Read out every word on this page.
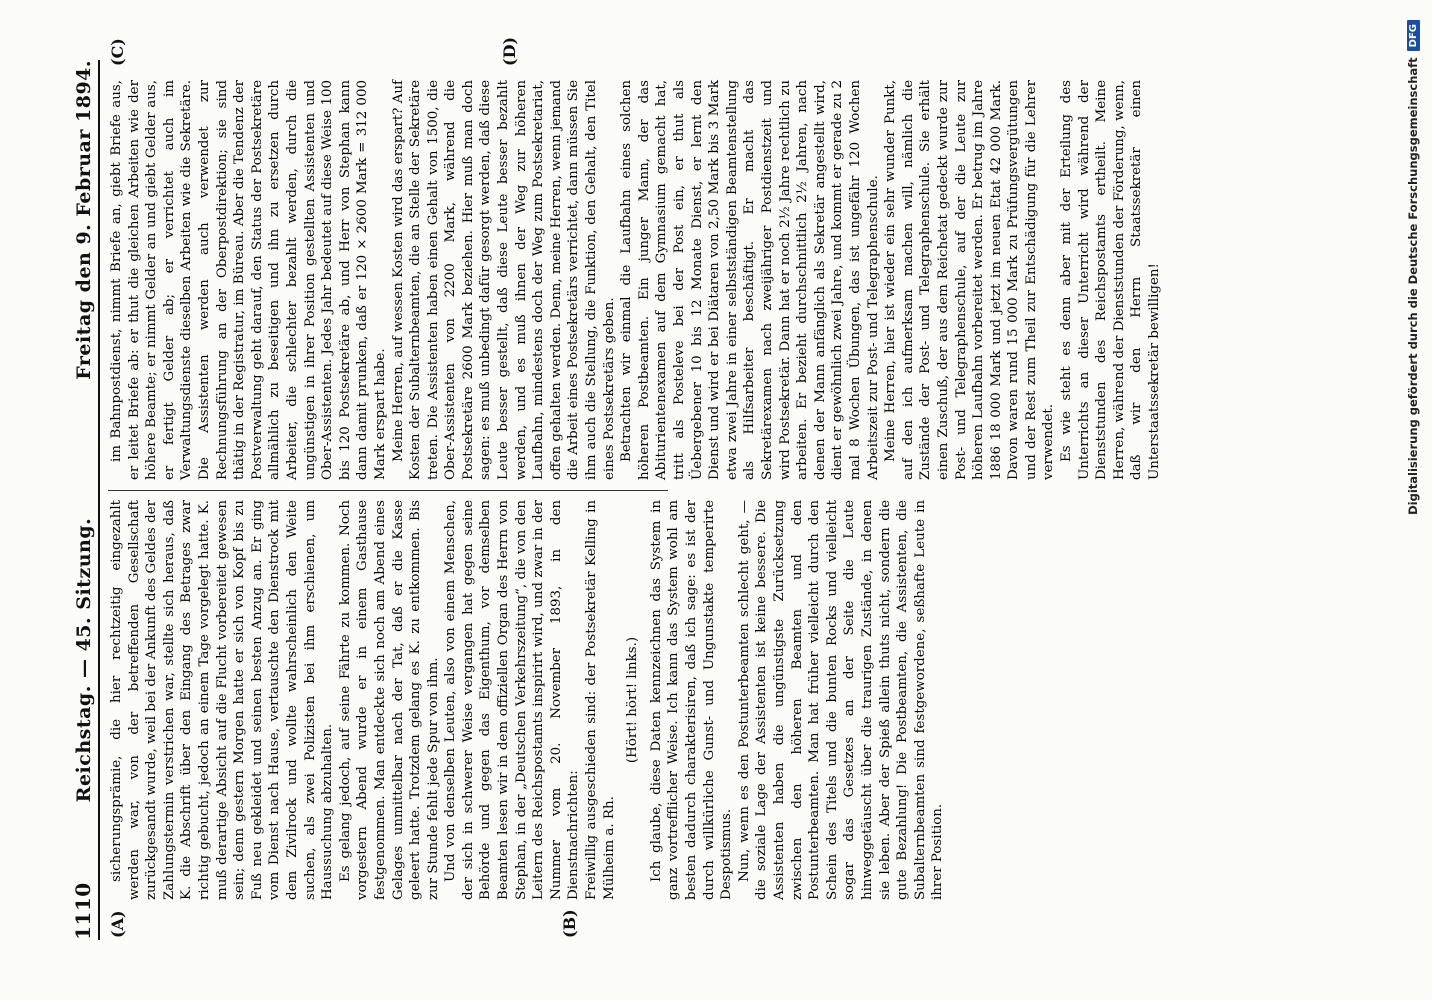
1110
Reichstag. — 45. Sitzung.
Freitag den 9. Februar 1894.
(A)	(B)
(C)	(D)

sicherungsprämie, die hier rechtzeitig eingezahlt werden war, von der betreffenden Gesellschaft zurückgesandt wurde, weil bei der Ankunft des Geldes der Zahlungstermin verstrichen war, stellte sich heraus, daß K. die Abschrift über den Eingang des Betrages zwar richtig gebucht, jedoch an einem Tage vorgelegt hatte. K. muß derartige Absicht auf die Flucht vorbereitet gewesen sein; denn gestern Morgen hatte er sich von Kopf bis zu Fuß neu gekleidet und seinen besten Anzug an. Er ging vom Dienst nach Hause, vertauschte den Dienstrock mit dem Zivilrock und wollte wahrscheinlich den Weite suchen, als zwei Polizisten bei ihm erschienen, um Haussuchung abzuhalten. Es gelang jedoch, auf seine Fährte zu kommen. Noch vorgestern Abend wurde er in einem Gasthause festgenommen. Man entdeckte sich noch am Abend eines Gelages unmittelbar nach der Tat, daß er die Kasse geleert hatte. Trotzdem gelang es K. zu entkommen. Bis zur Stunde fehlt jede Spur von ihm. Und von denselben Leuten, also von einem Menschen, der sich in schwerer Weise vergangen hat gegen seine Behörde und gegen das Eigenthum, vor demselben Beamten lesen wir in dem offiziellen Organ des Herrn von Stephan, in der „Deutschen Verkehrszeitung“, die von den Leitern des Reichspostamts inspirirt wird, und zwar in der Nummer vom 20. November 1893, in den Dienstnachrichten: Freiwillig ausgeschieden sind: der Postsekretär Kelling in Mülheim a. Rh.

(Hört! hört! links.) Ich glaube, diese Daten kennzeichnen das System in ganz vortrefflicher Weise. Ich kann das System wohl am besten dadurch charakterisiren, daß ich sage: es ist der durch willkürliche Gunst- und Ungunstakte temperirte Despotismus. Nun, wenn es den Postunterbeamten schlecht geht, — die soziale Lage der Assistenten ist keine bessere. Die Assistenten haben die ungünstigste Zurücksetzung zwischen den höheren Beamten und den Postunterbeamten. Man hat früher vielleicht durch den Schein des Titels und die bunten Rocks und vielleicht sogar das Gesetzes an der Seite die Leute hinweggetäuscht über die traurigen Zustände, in denen sie leben. Aber der Spieß allein thuts nicht, sondern die gute Bezahlung! Die Postbeamten, die Assistenten, die Subalternbeamten sind festgewordene, seßhafte Leute in ihrer Position.

im Bahnpostdienst, nimmt Briefe an, giebt Briefe aus, er leitet Briefe ab: er thut die gleichen Arbeiten wie der höhere Beamte; er nimmt Gelder an und giebt Gelder aus, er fertigt Gelder ab; er verrichtet auch im Verwaltungsdienste dieselben Arbeiten wie die Sekretäre. Die Assistenten werden auch verwendet zur Rechnungsführung an der Oberpostdirektion; sie sind thätig in der Registratur, im Büreau. Aber die Tendenz der Postverwaltung geht darauf, den Status der Postsekretäre allmählich zu beseitigen und ihn zu ersetzen durch Arbeiter, die schlechter bezahlt werden, durch die ungünstigen in ihrer Position gestellten Assistenten und Ober-Assistenten. Jedes Jahr bedeutet auf diese Weise 100 bis 120 Postsekretäre ab, und Herr von Stephan kann dann damit prunken, daß er 120 × 2600 Mark = 312 000 Mark erspart habe. Meine Herren, auf wessen Kosten wird das erspart? Auf Kosten der Subalternbeamten, die an Stelle der Sekretäre treten. Die Assistenten haben einen Gehalt von 1500, die Ober-Assistenten von 2200 Mark, während die Postsekretäre 2600 Mark beziehen. Hier muß man doch sagen: es muß unbedingt dafür gesorgt werden, daß diese Leute besser gestellt, daß diese Leute besser bezahlt werden, und es muß ihnen der Weg zur höheren Laufbahn, mindestens doch der Weg zum Postsekretariat, offen gehalten werden. Denn, meine Herren, wenn jemand die Arbeit eines Postsekretärs verrichtet, dann müssen Sie ihm auch die Stellung, die Funktion, den Gehalt, den Titel eines Postsekretärs geben. Betrachten wir einmal die Laufbahn eines solchen höheren Postbeamten. Ein junger Mann, der das Abiturientenexamen auf dem Gymnasium gemacht hat, tritt als Posteleve bei der Post ein, er thut als Üebergebener 10 bis 12 Monate Dienst, er lernt den Dienst und wird er bei Diätaren von 2,50 Mark bis 3 Mark etwa zwei Jahre in einer selbstständigen Beamtenstellung als Hilfsarbeiter beschäftigt. Er macht das Sekretärexamen nach zweijähriger Postdienstzeit und wird Postsekretär. Dann hat er noch 2½ Jahre rechtlich zu arbeiten. Er bezieht durchschnittlich 2½ Jahren, nach denen der Mann anfänglich als Sekretär angestellt wird, dient er gewöhnlich zwei Jahre, und kommt er gerade zu 2 mal 8 Wochen Übungen, das ist ungefähr 120 Wochen Arbeitszeit zur Post- und Telegraphenschule. Meine Herren, hier ist wieder ein sehr wunder Punkt, auf den ich aufmerksam machen will, nämlich die Zustände der Post- und Telegraphenschule. Sie erhält einen Zuschuß, der aus dem Reichetat gedeckt wurde zur Post- und Telegraphenschule, auf der die Leute zur höheren Laufbahn vorbereitet werden. Er betrug im Jahre 1886 18 000 Mark und jetzt im neuen Etat 42 000 Mark. Davon waren rund 15 000 Mark zu Prüfungsvergütungen und der Rest zum Theil zur Entschädigung für die Lehrer verwendet. Es wie steht es denn aber mit der Erteilung des Unterrichts an dieser Unterricht wird während der Dienststunden des Reichspostamts ertheilt. Meine Herren, während der Dienststunden der Förderung, wenn, daß wir den Herrn Staatssekretär einen Unterstaatssekretär bewilligen!	Digitalisierung gefördert durch die Deutsche Forschungsgemeinschaft
DFG
